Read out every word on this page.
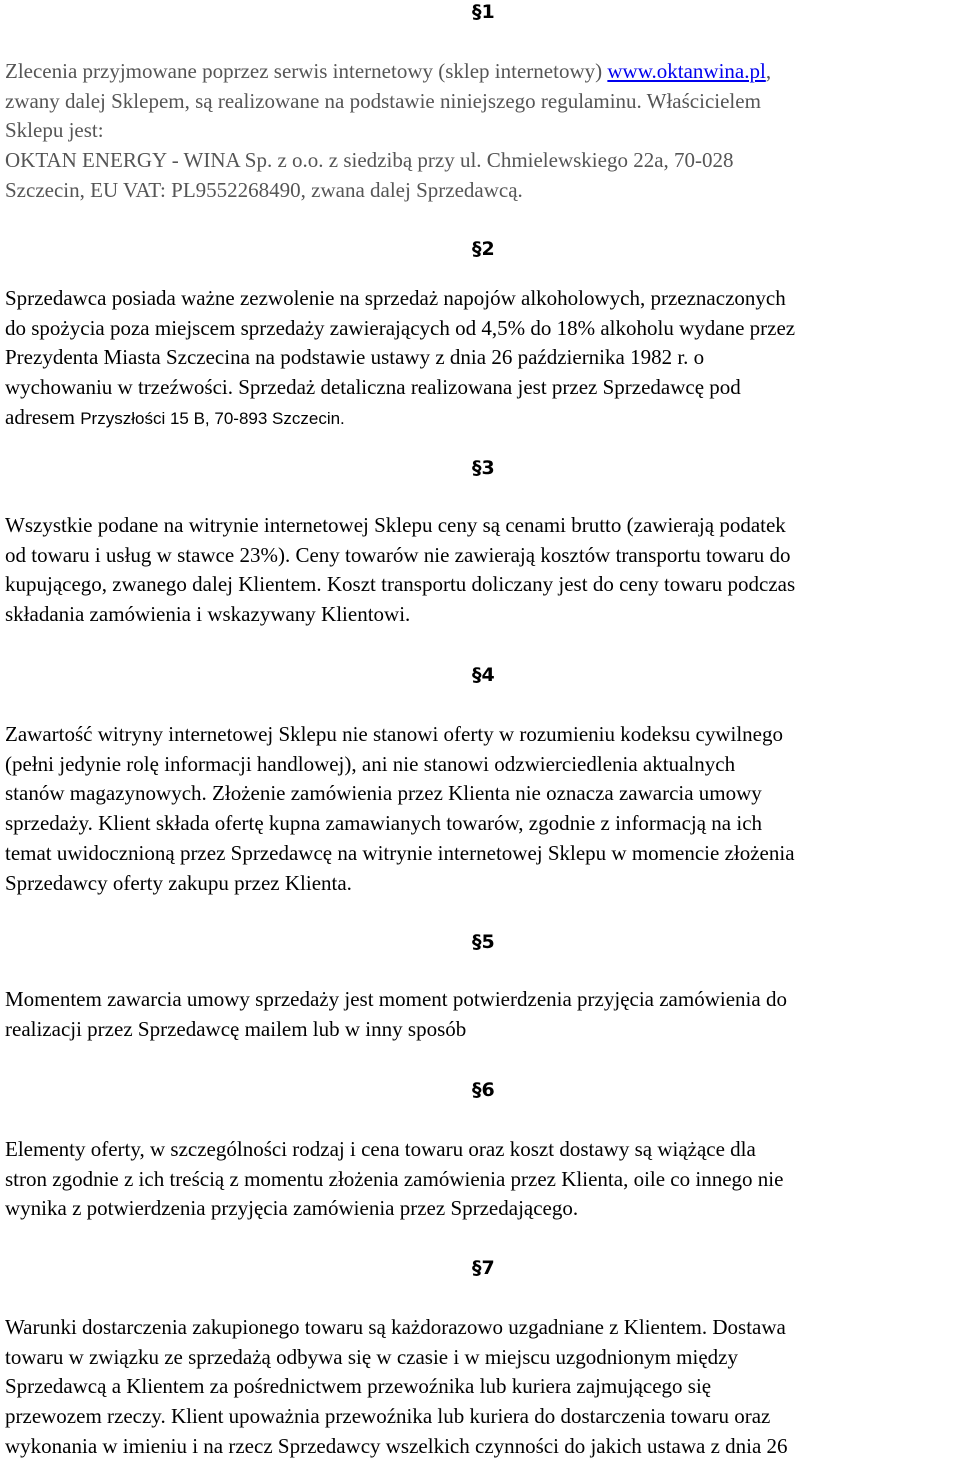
§1
Zlecenia przyjmowane poprzez serwis internetowy (sklep internetowy) www.oktanwina.pl,
zwany dalej Sklepem, są realizowane na podstawie niniejszego regulaminu. Właścicielem
Sklepu jest:
OKTAN ENERGY - WINA Sp. z o.o. z siedzibą przy ul. Chmielewskiego 22a, 70-028
Szczecin, EU VAT: PL9552268490, zwana dalej Sprzedawcą.
§2
Sprzedawca posiada ważne zezwolenie na sprzedaż napojów alkoholowych, przeznaczonych
do spożycia poza miejscem sprzedaży zawierających od 4,5% do 18% alkoholu wydane przez
Prezydenta Miasta Szczecina na podstawie ustawy z dnia 26 października 1982 r. o
wychowaniu w trzeźwości. Sprzedaż detaliczna realizowana jest przez Sprzedawcę pod
adresem Przyszłości 15 B, 70-893 Szczecin.
§3
Wszystkie podane na witrynie internetowej Sklepu ceny są cenami brutto (zawierają podatek
od towaru i usług w stawce 23%). Ceny towarów nie zawierają kosztów transportu towaru do
kupującego, zwanego dalej Klientem. Koszt transportu doliczany jest do ceny towaru podczas
składania zamówienia i wskazywany Klientowi.
§4
Zawartość witryny internetowej Sklepu nie stanowi oferty w rozumieniu kodeksu cywilnego
(pełni jedynie rolę informacji handlowej), ani nie stanowi odzwierciedlenia aktualnych
stanów magazynowych. Złożenie zamówienia przez Klienta nie oznacza zawarcia umowy
sprzedaży. Klient składa ofertę kupna zamawianych towarów, zgodnie z informacją na ich
temat uwidocznioną przez Sprzedawcę na witrynie internetowej Sklepu w momencie złożenia
Sprzedawcy oferty zakupu przez Klienta.
§5
Momentem zawarcia umowy sprzedaży jest moment potwierdzenia przyjęcia zamówienia do
realizacji przez Sprzedawcę mailem lub w inny sposób
§6
Elementy oferty, w szczególności rodzaj i cena towaru oraz koszt dostawy są wiążące dla
stron zgodnie z ich treścią z momentu złożenia zamówienia przez Klienta, oile co innego nie
wynika z potwierdzenia przyjęcia zamówienia przez Sprzedającego.
§7
Warunki dostarczenia zakupionego towaru są każdorazowo uzgadniane z Klientem. Dostawa
towaru w związku ze sprzedażą odbywa się w czasie i w miejscu uzgodnionym między
Sprzedawcą a Klientem za pośrednictwem przewoźnika lub kuriera zajmującego się
przewozem rzeczy. Klient upoważnia przewoźnika lub kuriera do dostarczenia towaru oraz
wykonania w imieniu i na rzecz Sprzedawcy wszelkich czynności do jakich ustawa z dnia 26
